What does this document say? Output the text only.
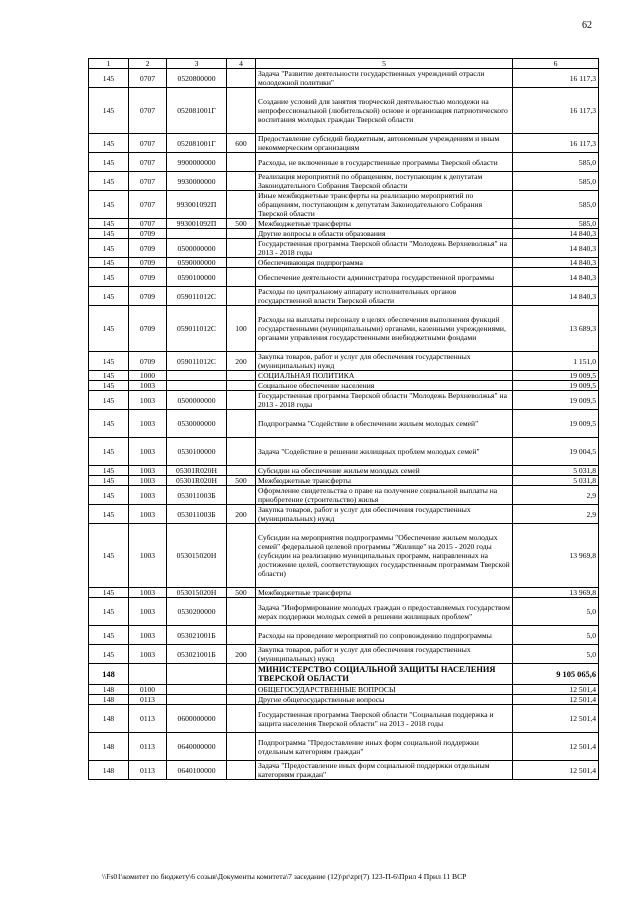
62
1	2	3	4	5	6
145	0707	0520800000		Задача "Развитие деятельности государственных учреждений отрасли молодежной политики"	16 117,3
145	0707	052081001Г		Создание условий для занятия творческой деятельностью молодежи на непрофессиональной (любительской) основе и организация патриотического воспитания молодых граждан Тверской области	16 117,3
145	0707	052081001Г	600	Предоставление субсидий бюджетным, автономным учреждениям и иным некоммерческим организациям	16 117,3
145	0707	9900000000		Расходы, не включенные в государственные программы Тверской области	585,0
145	0707	9930000000		Реализация мероприятий по обращениям, поступающим к депутатам Законодательного Собрания Тверской области	585,0
145	0707	993001092П		Иные межбюджетные трансферты на реализацию мероприятий по обращениям, поступающим к депутатам Законодательного Собрания Тверской области	585,0
145	0707	993001092П	500	Межбюджетные трансферты	585,0
145	0709			Другие вопросы в области образования	14 840,3
145	0709	0500000000		Государственная программа Тверской области "Молодежь Верхневолжья" на 2013 - 2018 годы	14 840,3
145	0709	0590000000		Обеспечивающая подпрограмма	14 840,3
145	0709	0590100000		Обеспечение деятельности администратора государственной программы	14 840,3
145	0709	059011012С		Расходы по центральному аппарату исполнительных органов государственной власти Тверской области	14 840,3
145	0709	059011012С	100	Расходы на выплаты персоналу в целях обеспечения выполнения функций государственными (муниципальными) органами, казенными учреждениями, органами управления государственными внебюджетными фондами	13 689,3
145	0709	059011012С	200	Закупка товаров, работ и услуг для обеспечения государственных (муниципальных) нужд	1 151,0
145	1000			СОЦИАЛЬНАЯ ПОЛИТИКА	19 009,5
145	1003			Социальное обеспечение населения	19 009,5
145	1003	0500000000		Государственная программа Тверской области "Молодежь Верхневолжья" на 2013 - 2018 годы	19 009,5
145	1003	0530000000		Подпрограмма "Содействие в обеспечении жильем молодых семей"	19 009,5
145	1003	0530100000		Задача "Содействие в решении жилищных проблем молодых семей"	19 004,5
145	1003	05301R020Н		Субсидии на обеспечение жильем молодых семей	5 031,8
145	1003	05301R020Н	500	Межбюджетные трансферты	5 031,8
145	1003	053011003Б		Оформление свидетельства о праве на получение социальной выплаты на приобретение (строительство) жилья	2,9
145	1003	053011003Б	200	Закупка товаров, работ и услуг для обеспечения государственных (муниципальных) нужд	2,9
145	1003	053015020Н		Субсидии на мероприятия подпрограммы "Обеспечение жильем молодых семей" федеральной целевой программы "Жилище" на 2015 - 2020 годы (субсидии на реализацию муниципальных программ, направленных на достижение целей, соответствующих государственным программам Тверской области)	13 969,8
145	1003	053015020Н	500	Межбюджетные трансферты	13 969,8
145	1003	0530200000		Задача "Информирование молодых граждан о предоставляемых государством мерах поддержки молодых семей в решении жилищных проблем"	5,0
145	1003	053021001Б		Расходы на проведение мероприятий по сопровождению подпрограммы	5,0
145	1003	053021001Б	200	Закупка товаров, работ и услуг для обеспечения государственных (муниципальных) нужд	5,0
148				МИНИСТЕРСТВО СОЦИАЛЬНОЙ ЗАЩИТЫ НАСЕЛЕНИЯ ТВЕРСКОЙ ОБЛАСТИ	9 105 065,6
148	0100			ОБЩЕГОСУДАРСТВЕННЫЕ ВОПРОСЫ	12 501,4
148	0113			Другие общегосударственные вопросы	12 501,4
148	0113	0600000000		Государственная программа Тверской области "Социальная поддержка и защита населения Тверской области" на 2013 - 2018 годы	12 501,4
148	0113	0640000000		Подпрограмма "Предоставление иных форм социальной поддержки отдельным категориям граждан"	12 501,4
148	0113	0640100000		Задача "Предоставление иных форм социальной поддержки отдельным категориям граждан"	12 501,4
\\Fs01\комитет по бюджету\6 созыв\Документы комитета\7 заседание (12)\pr\zpr(7) 123-П-6\Прил 4 Прил 11 ВСР
